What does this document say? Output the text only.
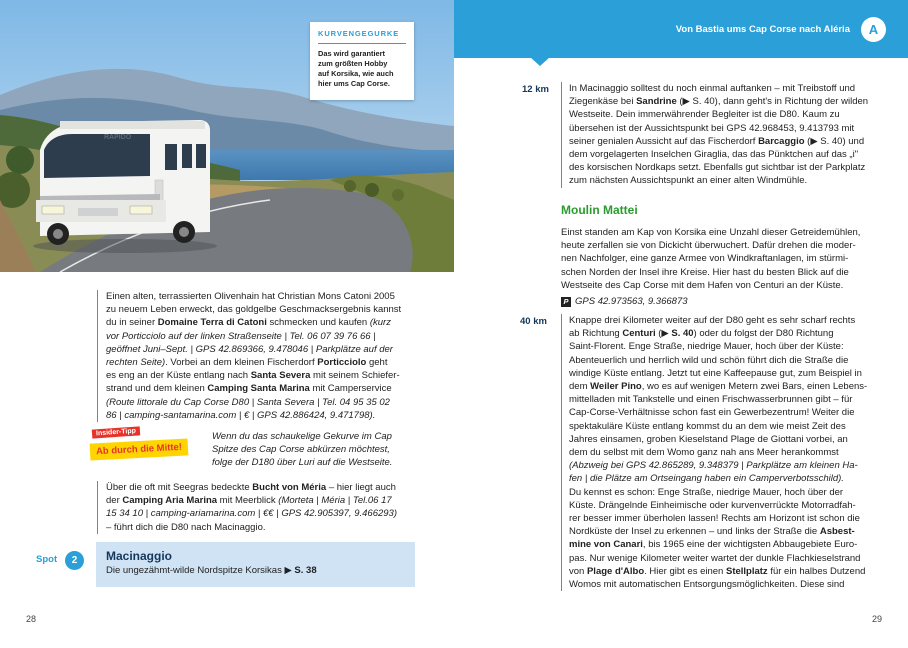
RAPIDO
KURVENGEGURKE
Das wird garantiert
zum größten Hobby
auf Korsika, wie auch
hier ums Cap Corse.
Einen alten, terrassierten Olivenhain hat Christian Mons Catoni 2005
zu neuem Leben erweckt, das goldgelbe Geschmacksergebnis kannst
du in seiner Domaine Terra di Catoni schmecken und kaufen (kurz
vor Porticciolo auf der linken Straßenseite | Tel. 06 07 39 76 66 |
geöffnet Juni–Sept. | GPS 42.869366, 9.478046 | Parkplätze auf der
rechten Seite). Vorbei an dem kleinen Fischerdorf Porticciolo geht
es eng an der Küste entlang nach Santa Severa mit seinem Schiefer-
strand und dem kleinen Camping Santa Marina mit Camperservice
(Route littorale du Cap Corse D80 | Santa Severa | Tel. 04 95 35 02
86 | camping-santamarina.com | € | GPS 42.886424, 9.471798).
Insider-Tipp
Ab durch die Mitte!
Wenn du das schaukelige Gekurve im Cap
Spitze des Cap Corse abkürzen möchtest,
folge der D180 über Luri auf die Westseite.
Über die oft mit Seegras bedeckte Bucht von Méria – hier liegt auch
der Camping Aria Marina mit Meerblick (Morteta | Méria | Tel.06 17
15 34 10 | camping-ariamarina.com | €€ | GPS 42.905397, 9.466293)
– führt dich die D80 nach Macinaggio.
Spot	2	Macinaggio
Die ungezähmt-wilde Nordspitze Korsikas ▶ S. 38
28
Von Bastia ums Cap Corse nach Aléria	A
12 km In Macinaggio solltest du noch einmal auftanken – mit Treibstoff und
Ziegenkäse bei Sandrine (▶ S. 40), dann geht's in Richtung der wilden
Westseite. Dein immerwährender Begleiter ist die D80. Kaum zu
übersehen ist der Aussichtspunkt bei GPS 42.968453, 9.413793 mit
seiner genialen Aussicht auf das Fischerdorf Barcaggio (▶ S. 40) und
dem vorgelagerten Inselchen Giraglia, das das Pünktchen auf das „i"
des korsischen Nordkaps setzt. Ebenfalls gut sichtbar ist der Parkplatz
zum nächsten Aussichtspunkt an einer alten Windmühle.
Moulin Mattei
Einst standen am Kap von Korsika eine Unzahl dieser Getreidemühlen,
heute zerfallen sie von Dickicht überwuchert. Dafür drehen die moder-
nen Nachfolger, eine ganze Armee von Windkraftanlagen, im stürmi-
schen Norden der Insel ihre Kreise. Hier hast du besten Blick auf die
Westseite des Cap Corse mit dem Hafen von Centuri an der Küste.
P GPS 42.973563, 9.366873
40 km Knappe drei Kilometer weiter auf der D80 geht es sehr scharf rechts
ab Richtung Centuri (▶ S. 40) oder du folgst der D80 Richtung
Saint-Florent. Enge Straße, niedrige Mauer, hoch über der Küste:
Abenteuerlich und herrlich wild und schön führt dich die Straße die
windige Küste entlang. Jetzt tut eine Kaffeepause gut, zum Beispiel in
dem Weiler Pino, wo es auf wenigen Metern zwei Bars, einen Lebens-
mittelladen mit Tankstelle und einen Frischwasserbrunnen gibt – für
Cap-Corse-Verhältnisse schon fast ein Gewerbezentrum! Weiter die
spektakuläre Küste entlang kommst du an dem wie meist Zeit des
Jahres einsamen, groben Kieselstand Plage de Giottani vorbei, an
dem du selbst mit dem Womo ganz nah ans Meer herankommst
(Abzweig bei GPS 42.865289, 9.348379 | Parkplätze am kleinen Ha-
fen | die Plätze am Ortseingang haben ein Camperverbotsschild).
Du kennst es schon: Enge Straße, niedrige Mauer, hoch über der
Küste. Drängelnde Einheimische oder kurvenverrückte Motorradfah-
rer besser immer überholen lassen! Rechts am Horizont ist schon die
Nordküste der Insel zu erkennen – und links der Straße die Asbest-
mine von Canari, bis 1965 eine der wichtigsten Abbaugebiete Euro-
pas. Nur wenige Kilometer weiter wartet der dunkle Flachkieselstrand
von Plage d'Albo. Hier gibt es einen Stellplatz für ein halbes Dutzend
Womos mit automatischen Entsorgungsmöglichkeiten. Diese sind
29
